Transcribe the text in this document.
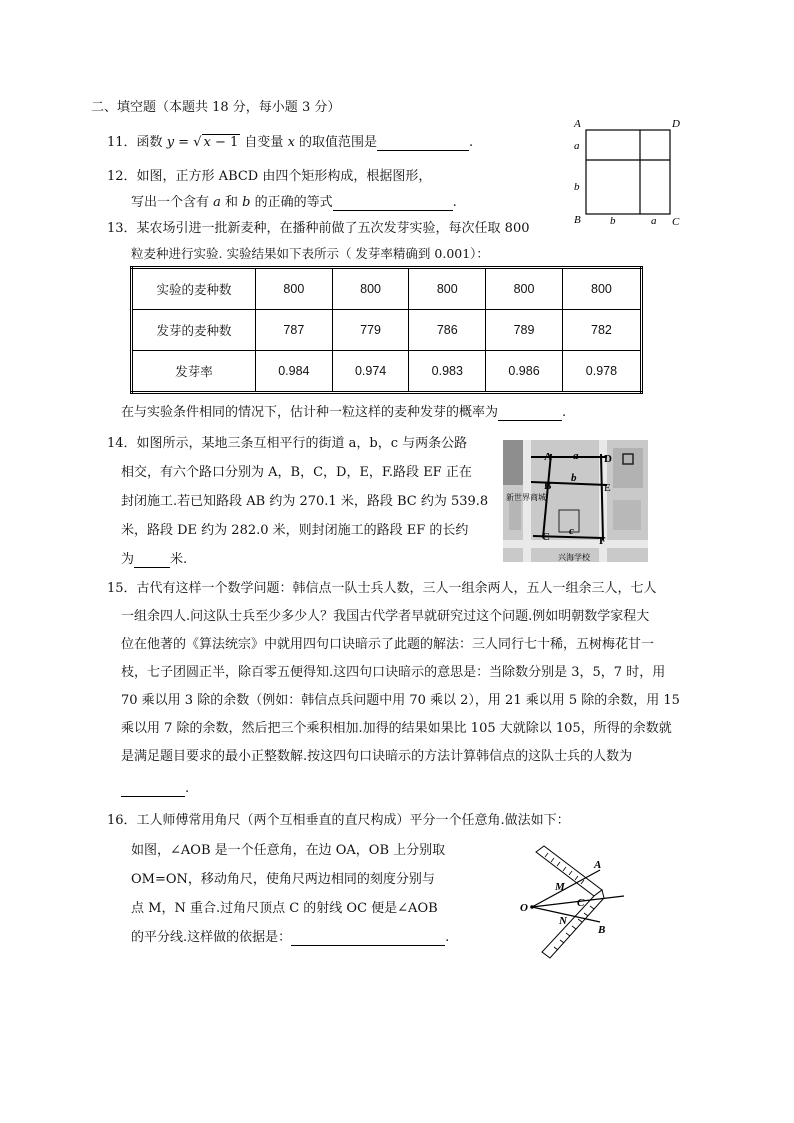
二、填空题（本题共 18 分，每小题 3 分）
11．函数 y = √ x − 1 自变量 x 的取值范围是	.
12．如图，正方形 ABCD 由四个矩形构成，根据图形，
写出一个含有 a 和 b 的正确的等式	.
A	D
B	C
a
b
b	a
13．某农场引进一批新麦种，在播种前做了五次发芽实验，每次任取 800
粒麦种进行实验. 实验结果如下表所示（ 发芽率精确到 0.001）：
实验的麦种数	800	800	800	800	800
发芽的麦种数	787	779	786	789	782
发芽率	0.984	0.974	0.983	0.986	0.978
在与实验条件相同的情况下，估计种一粒这样的麦种发芽的概率为	.
14．如图所示，某地三条互相平行的街道 a，b，c 与两条公路
相交，有六个路口分别为 A，B，C，D，E，F.路段 EF 正在
封闭施工.若已知路段 AB 约为 270.1 米，路段 BC 约为 539.8
米，路段 DE 约为 282.0 米，则封闭施工的路段 EF 的长约
为	米.
A a D
B
b
E
c
C	F
新世界商城
兴海学校
15．古代有这样一个数学问题：韩信点一队士兵人数，三人一组余两人，五人一组余三人，七人
一组余四人.问这队士兵至少多少人？我国古代学者早就研究过这个问题.例如明朝数学家程大
位在他著的《算法统宗》中就用四句口诀暗示了此题的解法：三人同行七十稀，五树梅花甘一
枝，七子团圆正半，除百零五便得知.这四句口诀暗示的意思是：当除数分别是 3，5，7 时，用
70 乘以用 3 除的余数（例如：韩信点兵问题中用 70 乘以 2），用 21 乘以用 5 除的余数，用 15
乘以用 7 除的余数，然后把三个乘积相加.加得的结果如果比 105 大就除以 105，所得的余数就
是满足题目要求的最小正整数解.按这四句口诀暗示的方法计算韩信点的这队士兵的人数为
.
16．工人师傅常用角尺（两个互相垂直的直尺构成）平分一个任意角.做法如下：
如图，∠AOB 是一个任意角，在边 OA，OB 上分别取
OM=ON，移动角尺，使角尺两边相同的刻度分别与
点 M，N 重合.过角尺顶点 C 的射线 OC 便是∠AOB
的平分线.这样做的依据是：	.
A
B
O
M
N
C
